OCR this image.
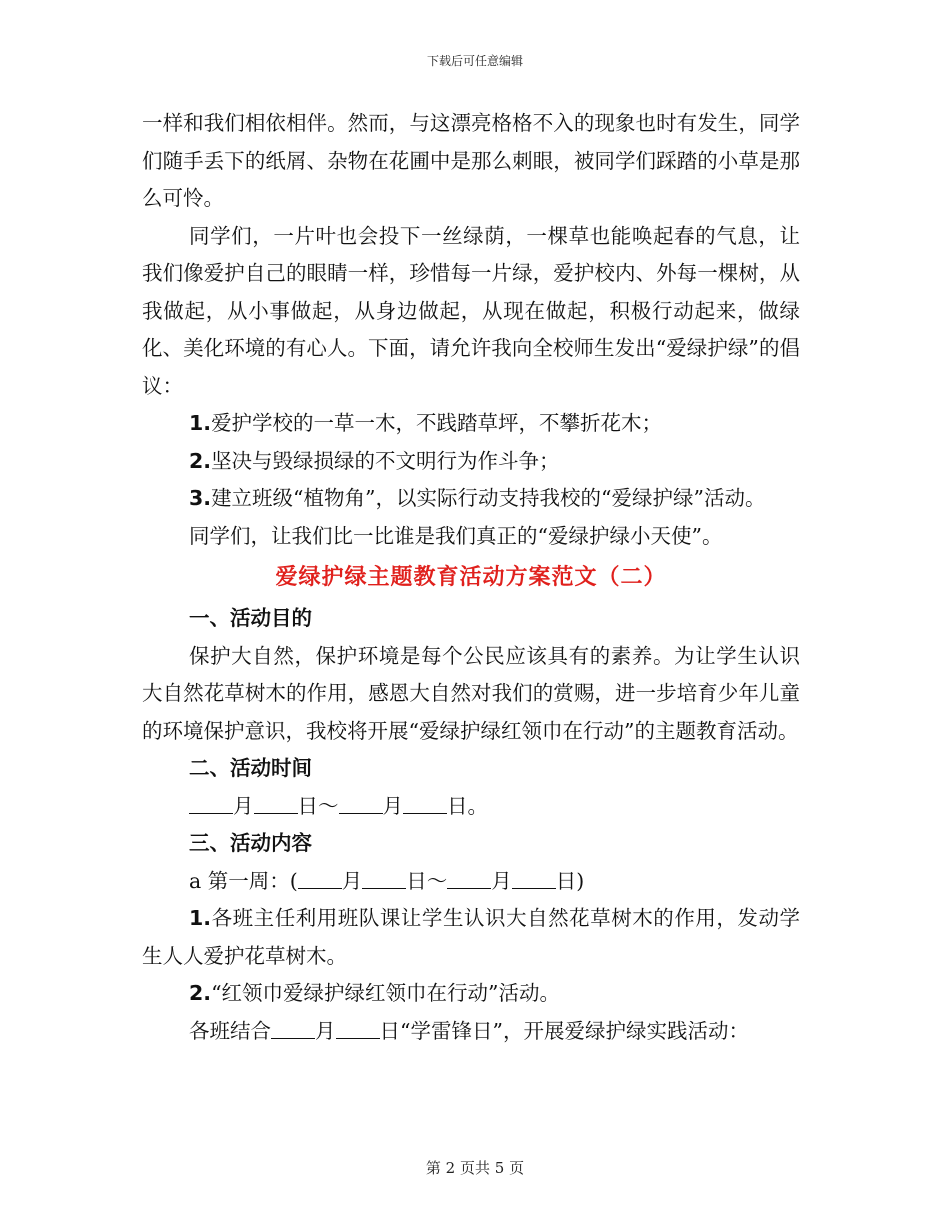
下载后可任意编辑

一样和我们相依相伴。然而，与这漂亮格格不入的现象也时有发生，同学们随手丢下的纸屑、杂物在花圃中是那么刺眼，被同学们踩踏的小草是那么可怜。

同学们，一片叶也会投下一丝绿荫，一棵草也能唤起春的气息，让我们像爱护自己的眼睛一样，珍惜每一片绿，爱护校内、外每一棵树，从我做起，从小事做起，从身边做起，从现在做起，积极行动起来，做绿化、美化环境的有心人。下面，请允许我向全校师生发出“爱绿护绿”的倡议：

1.爱护学校的一草一木，不践踏草坪，不攀折花木；

2.坚决与毁绿损绿的不文明行为作斗争；

3.建立班级“植物角”，以实际行动支持我校的“爱绿护绿”活动。

同学们，让我们比一比谁是我们真正的“爱绿护绿小天使”。

爱绿护绿主题教育活动方案范文（二）

一、活动目的

保护大自然，保护环境是每个公民应该具有的素养。为让学生认识大自然花草树木的作用，感恩大自然对我们的赏赐，进一步培育少年儿童的环境保护意识，我校将开展“爱绿护绿红领巾在行动”的主题教育活动。

二、活动时间

月 日～ 月 日。

三、活动内容

a 第一周：( 月 日～ 月 日)

1.各班主任利用班队课让学生认识大自然花草树木的作用，发动学生人人爱护花草树木。

2.“红领巾爱绿护绿红领巾在行动”活动。

各班结合 月 日“学雷锋日”，开展爱绿护绿实践活动：

第 2 页共 5 页
